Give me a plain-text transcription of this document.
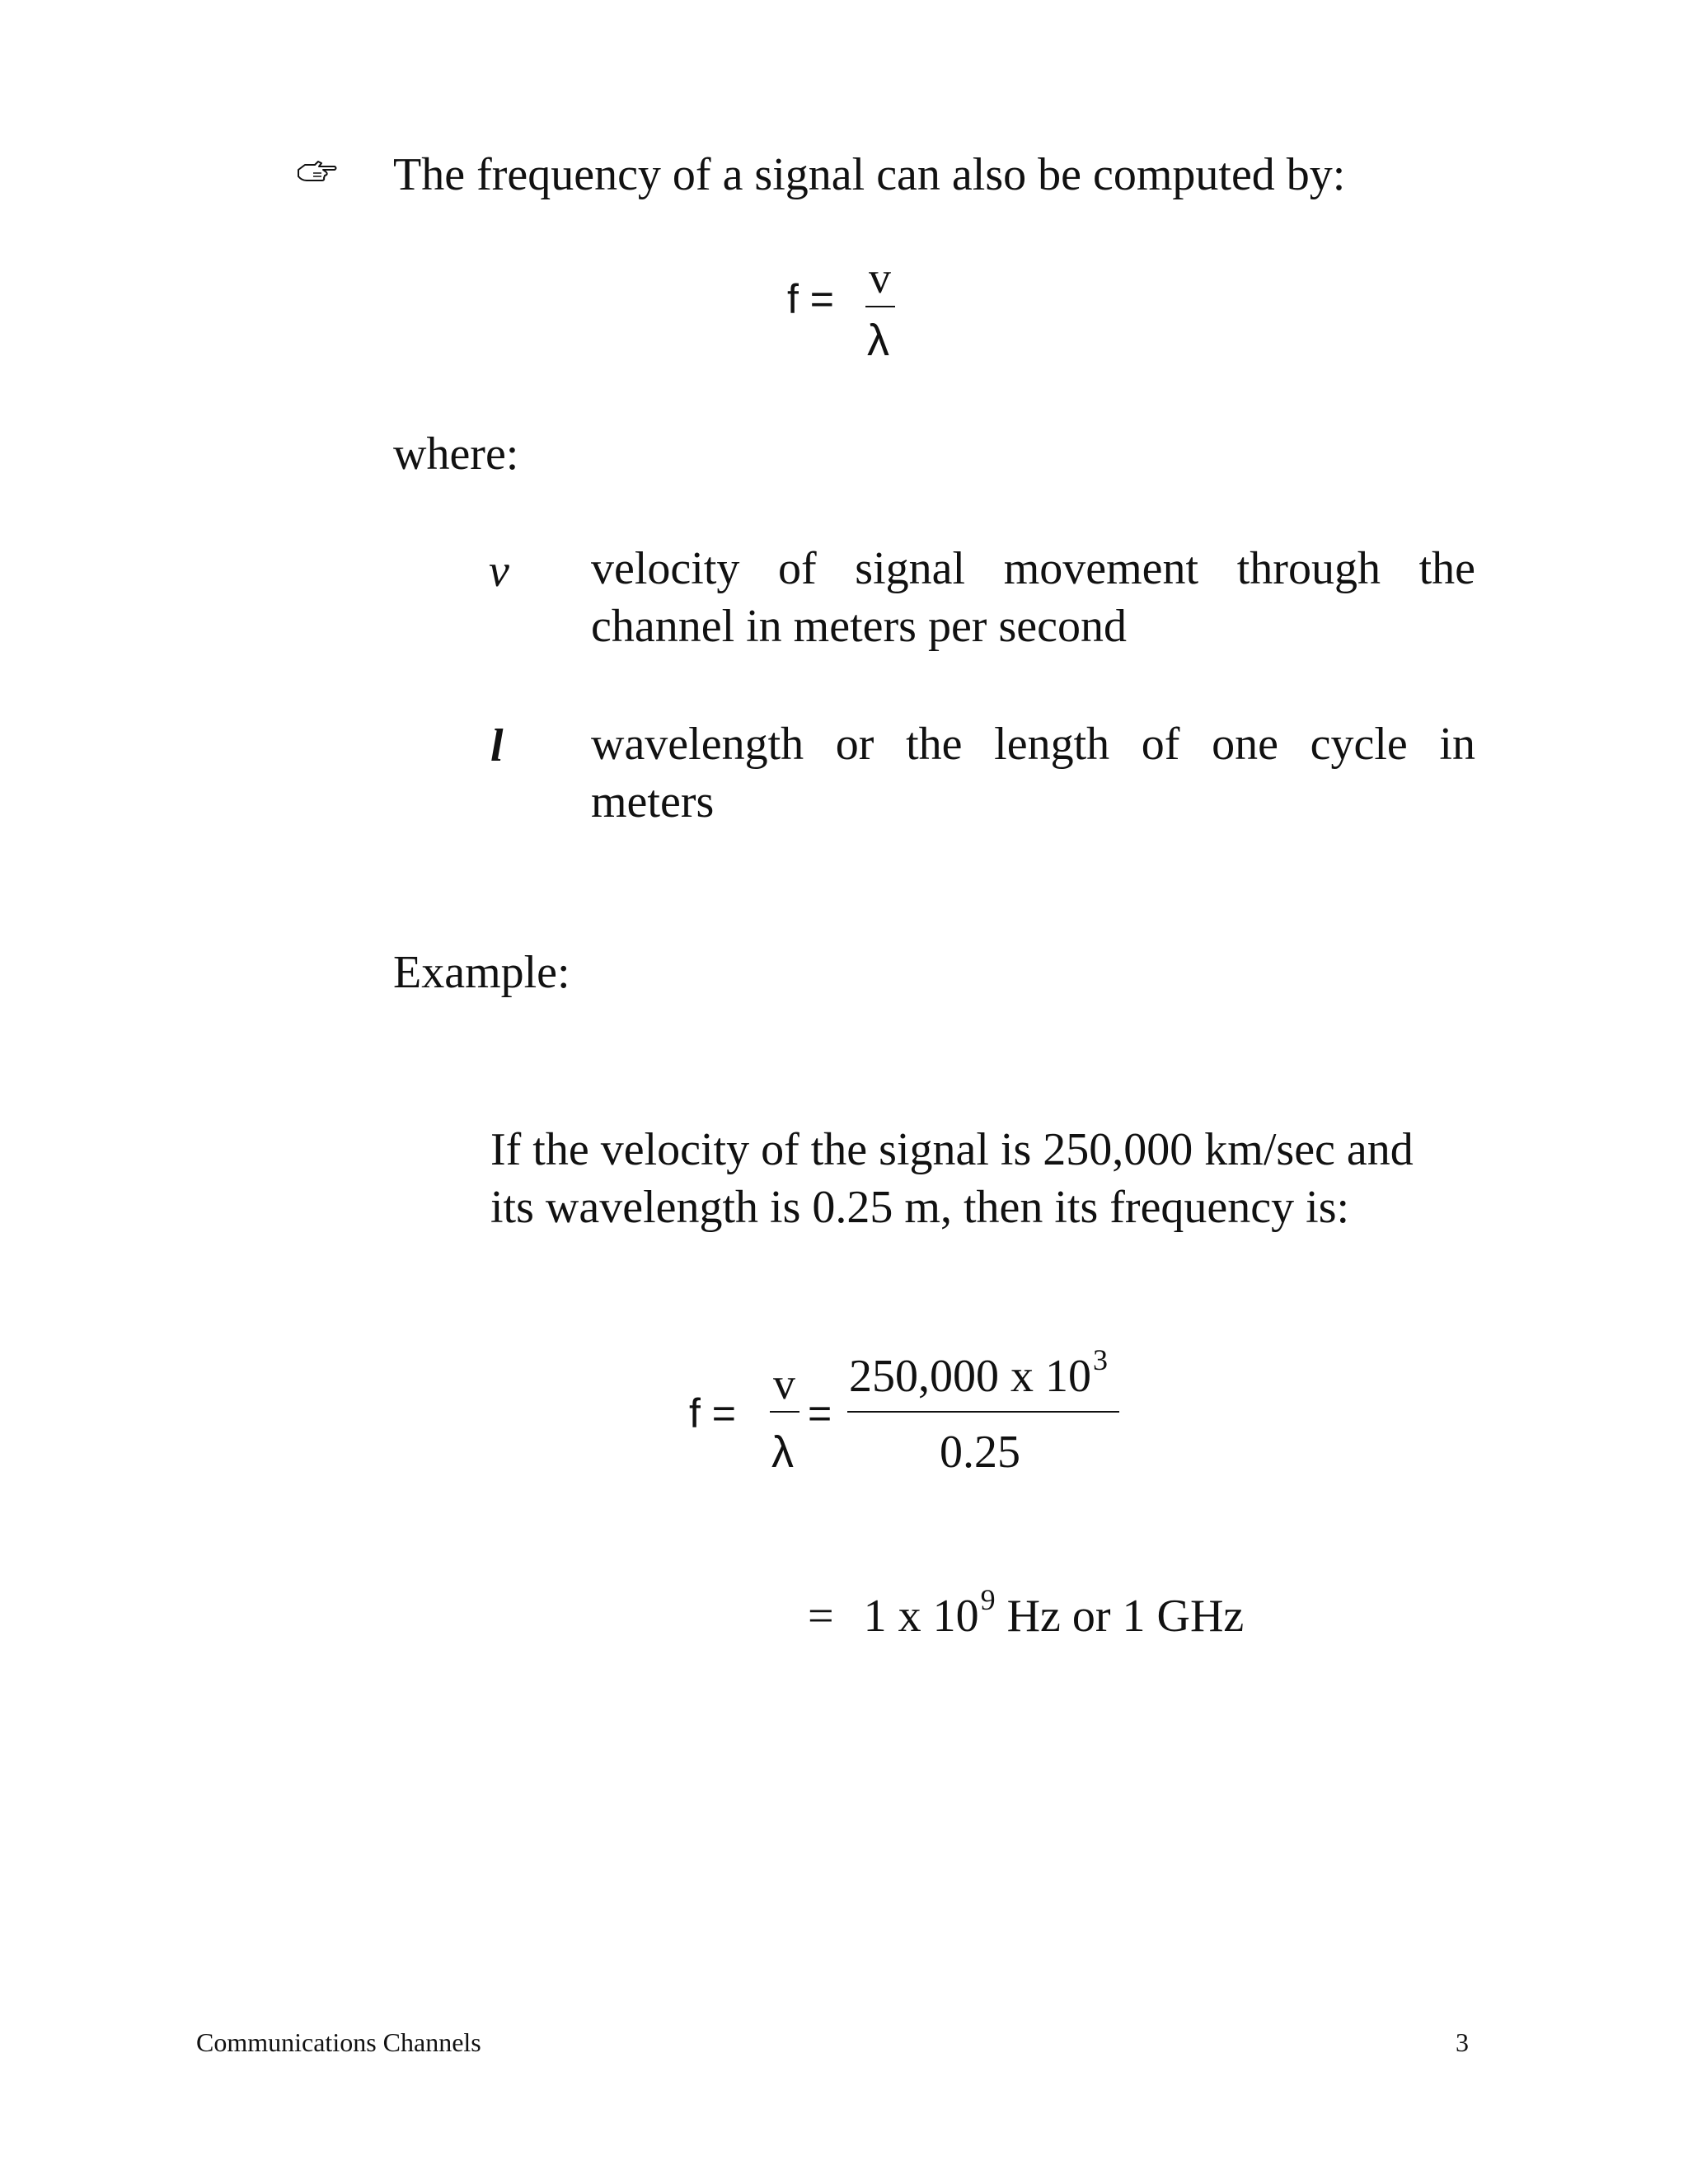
The frequency of a signal can also be computed by:
f = v
λ
where:
v velocity of signal movement through the
channel in meters per second
l wavelength or the length of one cycle in
meters
Example:
If the velocity of the signal is 250,000 km/sec and
its wavelength is 0.25 m, then its frequency is:
f =
v
λ
=
250,000 x $10^3$
0.25
= 1 x $10^9$ Hz or 1 GHz
Communications Channels	3
